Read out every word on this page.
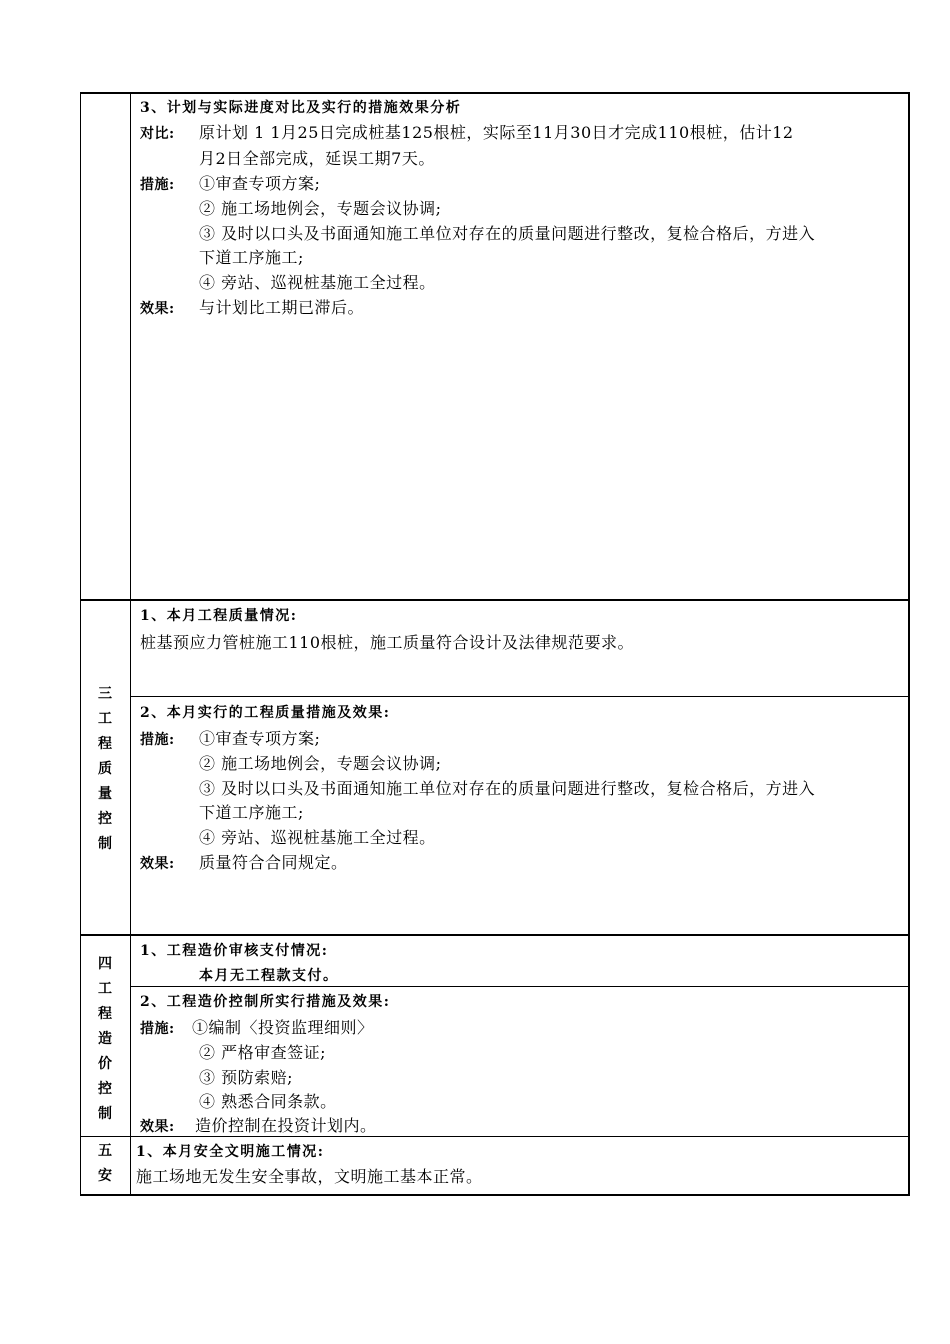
3、计划与实际进度对比及实行的措施效果分析
对比: 原计划 1 1月25日完成桩基125根桩，实际至11月30日才完成110根桩，估计12
月2日全部完成，延误工期7天。
措施: ①审查专项方案;
② 施工场地例会，专题会议协调;
③ 及时以口头及书面通知施工单位对存在的质量问题进行整改，复检合格后，方进入
下道工序施工;
④ 旁站、巡视桩基施工全过程。
效果: 与计划比工期已滞后。
三
工
程
质
量
控
制
1、本月工程质量情况:
桩基预应力管桩施工110根桩，施工质量符合设计及法律规范要求。
2、本月实行的工程质量措施及效果:
措施: ①审查专项方案;
② 施工场地例会，专题会议协调;
③ 及时以口头及书面通知施工单位对存在的质量问题进行整改，复检合格后，方进入
下道工序施工;
④ 旁站、巡视桩基施工全过程。
效果: 质量符合合同规定。
四
工
程
造
价
控
制
1、工程造价审核支付情况:
本月无工程款支付。
2、工程造价控制所实行措施及效果:
措施: ①编制〈投资监理细则〉
② 严格审查签证;
③ 预防索赔;
④ 熟悉合同条款。
效果: 造价控制在投资计划内。
五
安
1、本月安全文明施工情况:
施工场地无发生安全事故，文明施工基本正常。
